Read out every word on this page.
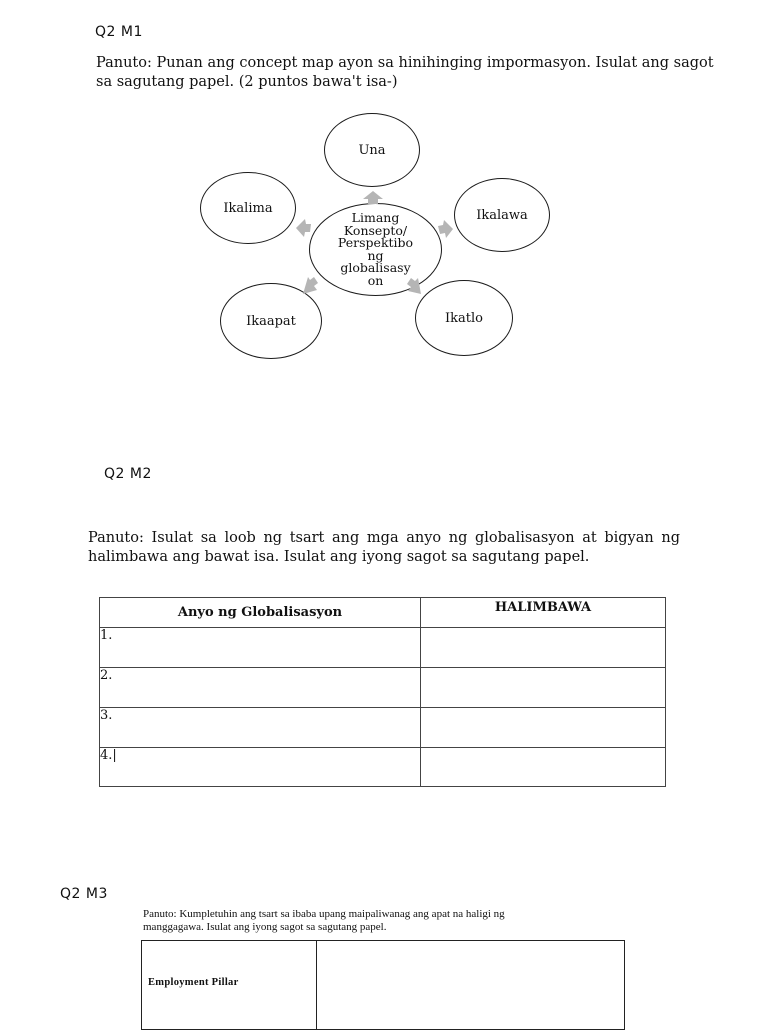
Q2 M1
Panuto: Punan ang concept map ayon sa hinihinging impormasyon. Isulat ang sagot
sa sagutang papel. (2 puntos bawa't isa-)
Una
Ikalawa
Ikatlo
Ikaapat
Ikalima
Limang
Konsepto/
Perspektibo
ng
globalisasy
on
Q2 M2
Panuto: Isulat sa loob ng tsart ang mga anyo ng globalisasyon at bigyan ng
halimbawa ang bawat isa. Isulat ang iyong sagot sa sagutang papel.
Anyo ng Globalisasyon	HALIMBAWA
1.	
2.	
3.	
4.|	
Q2 M3
Panuto: Kumpletuhin ang tsart sa ibaba upang maipaliwanag ang apat na haligi ng
manggagawa. Isulat ang iyong sagot sa sagutang papel.
Employment Pillar
